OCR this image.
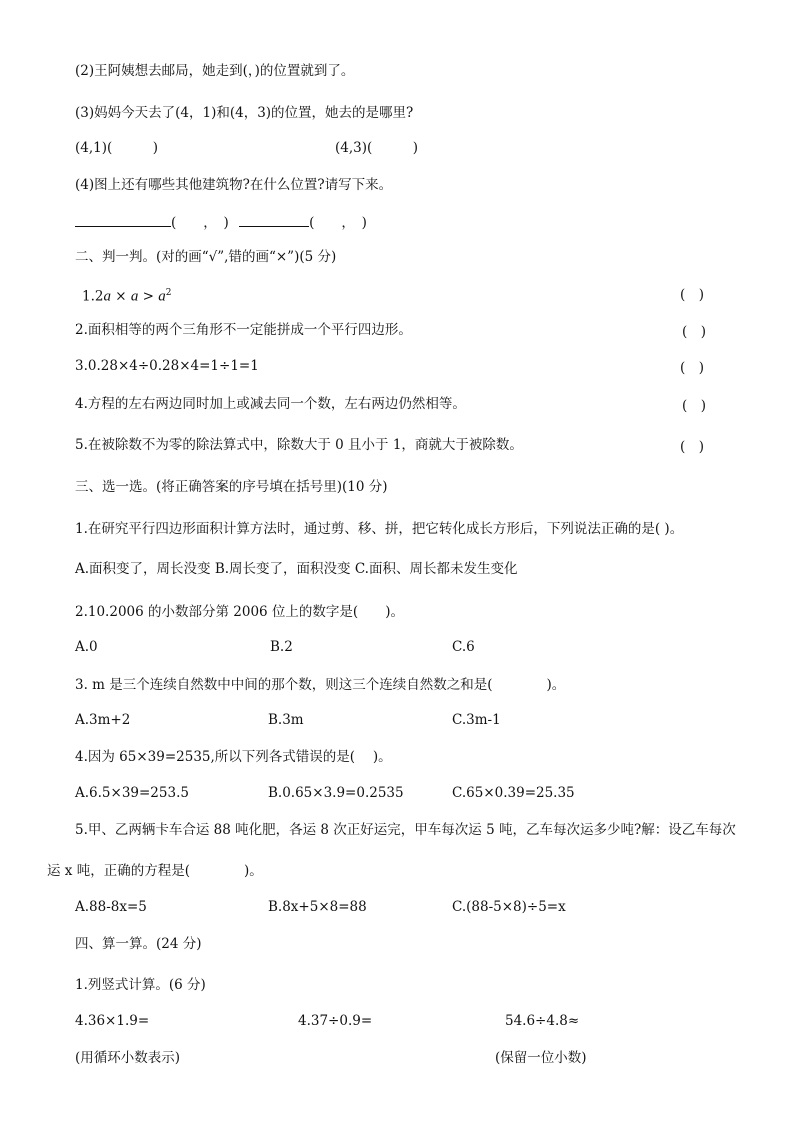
(2)王阿姨想去邮局，她走到(，)的位置就到了。
(3)妈妈今天去了(4，1)和(4，3)的位置，她去的是哪里?
(4,1)(　　　)	(4,3)(　　　)
(4)图上还有哪些其他建筑物?在什么位置?请写下来。
(　　，　)	(　　，　)
二、判一判。(对的画“√”,错的画“×”)(5 分)
$1.2a \times a > a^2$	(　)
2.面积相等的两个三角形不一定能拼成一个平行四边形。	(　)
3.0.28×4÷0.28×4=1÷1=1	(　)
4.方程的左右两边同时加上或减去同一个数，左右两边仍然相等。	(　)
5.在被除数不为零的除法算式中，除数大于 0 且小于 1，商就大于被除数。	(　)
三、选一选。(将正确答案的序号填在括号里)(10 分)
1.在研究平行四边形面积计算方法时，通过剪、移、拼，把它转化成长方形后，下列说法正确的是( )。
A.面积变了，周长没变 B.周长变了，面积没变 C.面积、周长都未发生变化
2.10.2006 的小数部分第 2006 位上的数字是(　　)。
A.0	B.2	C.6
3. m 是三个连续自然数中中间的那个数，则这三个连续自然数之和是(　　　　)。
A.3m+2	B.3m	C.3m-1
4.因为 65×39=2535,所以下列各式错误的是(　 )。
A.6.5×39=253.5	B.0.65×3.9=0.2535	C.65×0.39=25.35
5.甲、乙两辆卡车合运 88 吨化肥，各运 8 次正好运完，甲车每次运 5 吨，乙车每次运多少吨?解：设乙车每次
运 x 吨，正确的方程是(　　　　)。
A.88-8x=5	B.8x+5×8=88	C.(88-5×8)÷5=x
四、算一算。(24 分)
1.列竖式计算。(6 分)
4.36×1.9=	4.37÷0.9=	54.6÷4.8≈
(用循环小数表示)	(保留一位小数)
